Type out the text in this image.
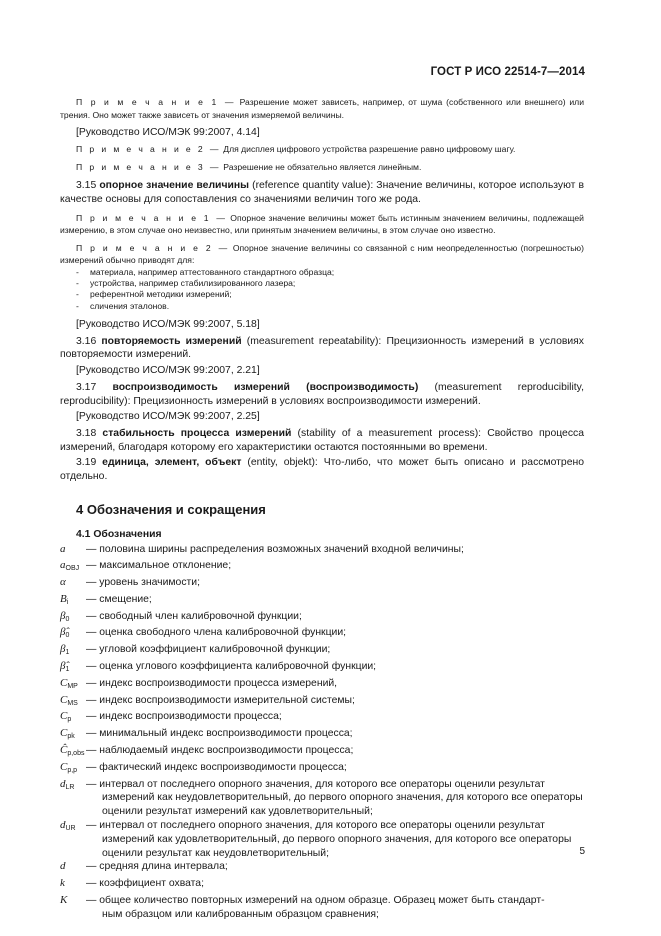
ГОСТ Р ИСО 22514-7—2014

П р и м е ч а н и е 1 — Разрешение может зависеть, например, от шума (собственного или внешнего) или трения. Оно может также зависеть от значения измеряемой величины.

[Руководство ИСО/МЭК 99:2007, 4.14]

П р и м е ч а н и е 2 — Для дисплея цифрового устройства разрешение равно цифровому шагу.

П р и м е ч а н и е 3 — Разрешение не обязательно является линейным.

3.15 опорное значение величины (reference quantity value): Значение величины, которое используют в качестве основы для сопоставления со значениями величин того же рода.

П р и м е ч а н и е 1 — Опорное значение величины может быть истинным значением величины, подлежащей измерению, в этом случае оно неизвестно, или принятым значением величины, в этом случае оно известно.

П р и м е ч а н и е 2 — Опорное значение величины со связанной с ним неопределенностью (погрешностью) измерений обычно приводят для:

- материала, например аттестованного стандартного образца;
- устройства, например стабилизированного лазера;
- референтной методики измерений;
- сличения эталонов.

[Руководство ИСО/МЭК 99:2007, 5.18]

3.16 повторяемость измерений (measurement repeatability): Прецизионность измерений в условиях повторяемости измерений.

[Руководство ИСО/МЭК 99:2007, 2.21]

3.17 воспроизводимость измерений (воспроизводимость) (measurement reproducibility, reproducibility): Прецизионность измерений в условиях воспроизводимости измерений.

[Руководство ИСО/МЭК 99:2007, 2.25]

3.18 стабильность процесса измерений (stability of a measurement process): Свойство процесса измерений, благодаря которому его характеристики остаются постоянными во времени.

3.19 единица, элемент, объект (entity, objekt): Что-либо, что может быть описано и рассмотрено отдельно.

4 Обозначения и сокращения
4.1 Обозначения
a	— половина ширины распределения возможных значений входной величины;
$a_{OBJ}$ — максимальное отклонение;
α	— уровень значимости;
$B_i$	— смещение;
$\beta_0$	— свободный член калибровочной функции;
$\betâ_0$	— оценка свободного члена калибровочной функции;
$\beta_1$	— угловой коэффициент калибровочной функции;
$\betâ_1$	— оценка углового коэффициента калибровочной функции;
$C_{MP}$ — индекс воспроизводимости процесса измерений,
$C_{MS}$ — индекс воспроизводимости измерительной системы;
$C_p$	— индекс воспроизводимости процесса;
$C_{pk}$	— минимальный индекс воспроизводимости процесса;
$Ĉ_{p,obs}$ — наблюдаемый индекс воспроизводимости процесса;
$C_{p,p}$ — фактический индекс воспроизводимости процесса;
$d_{LR}$	— интервал от последнего опорного значения, для которого все операторы оценили результат
измерений как неудовлетворительный, до первого опорного значения, для которого все операторы оценили результат измерений как удовлетворительный;
$d_{UR}$ — интервал от последнего опорного значения, для которого все операторы оценили результат
измерений как удовлетворительный, до первого опорного значения, для которого все операторы оценили результат как неудовлетворительный;
d	— средняя длина интервала;
k	— коэффициент охвата;
K	— общее количество повторных измерений на одном образце. Образец может быть стандарт-
ным образцом или калиброванным образцом сравнения;
5
